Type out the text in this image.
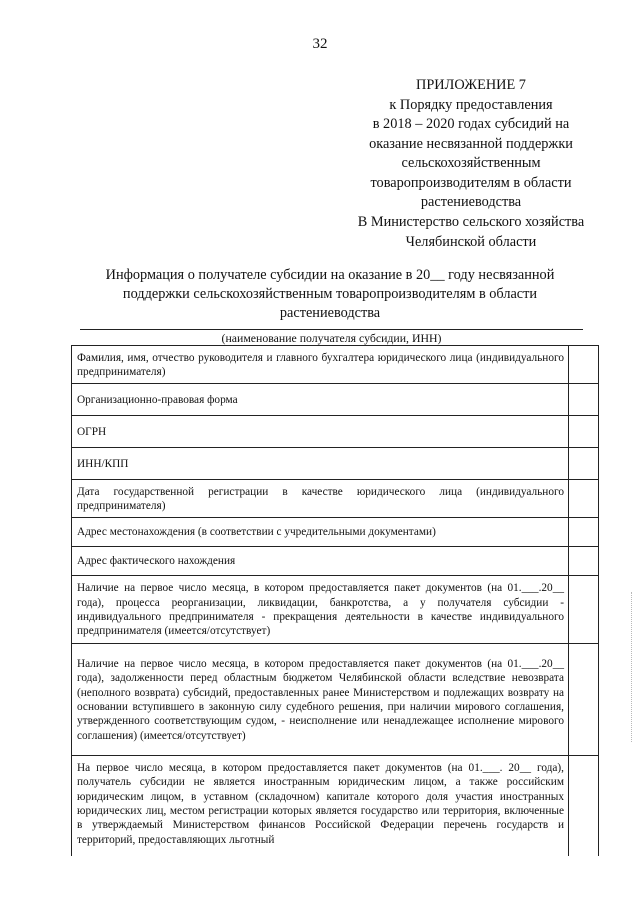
32
ПРИЛОЖЕНИЕ 7
к Порядку предоставления
в 2018 – 2020 годах субсидий на
оказание несвязанной поддержки
сельскохозяйственным
товаропроизводителям в области
растениеводства
В Министерство сельского хозяйства
Челябинской области
Информация о получателе субсидии на оказание в 20__ году несвязанной
поддержки сельскохозяйственным товаропроизводителям в области
растениеводства
(наименование получателя субсидии, ИНН)
Фамилия, имя, отчество руководителя и главного бухгалтера юридического лица (индивидуального предпринимателя)	
Организационно-правовая форма	
ОГРН	
ИНН/КПП	
Дата государственной регистрации в качестве юридического лица (индивидуального предпринимателя)	
Адрес местонахождения (в соответствии с учредительными документами)	
Адрес фактического нахождения	
Наличие на первое число месяца, в котором предоставляется пакет документов (на 01.___.20__ года), процесса реорганизации, ликвидации, банкротства, а у получателя субсидии - индивидуального предпринимателя - прекращения деятельности в качестве индивидуального предпринимателя (имеется/отсутствует)	
Наличие на первое число месяца, в котором предоставляется пакет документов (на 01.___.20__ года), задолженности перед областным бюджетом Челябинской области вследствие невозврата (неполного возврата) субсидий, предоставленных ранее Министерством и подлежащих возврату на основании вступившего в законную силу судебного решения, при наличии мирового соглашения, утвержденного соответствующим судом, - неисполнение или ненадлежащее исполнение мирового соглашения) (имеется/отсутствует)	
На первое число месяца, в котором предоставляется пакет документов (на 01.___. 20__ года), получатель субсидии не является иностранным юридическим лицом, а также российским юридическим лицом, в уставном (складочном) капитале которого доля участия иностранных юридических лиц, местом регистрации которых является государство или территория, включенные в утверждаемый Министерством финансов Российской Федерации перечень государств и территорий, предоставляющих льготный	
